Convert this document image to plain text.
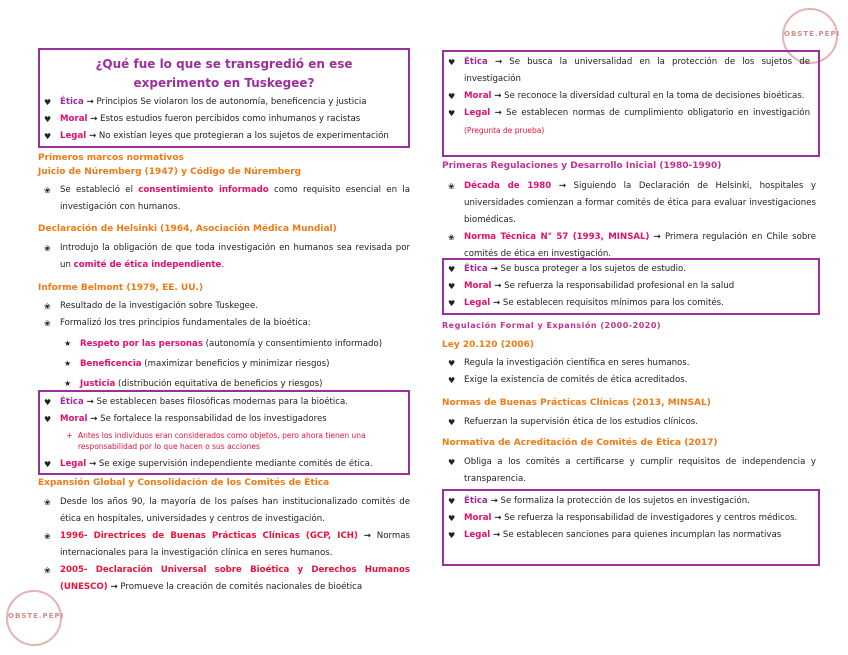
OBSTE.PEPI
OBSTE.PEPI
¿Qué fue lo que se transgredió en ese experimento en Tuskegee?
♥ Ética → Principios Se violaron los de autonomía, beneficencia y justicia
♥ Moral → Estos estudios fueron percibidos como inhumanos y racistas
♥ Legal → No existían leyes que protegieran a los sujetos de experimentación
Primeros marcos normativos
Juicio de Núremberg (1947) y Código de Núremberg
❀ Se estableció el consentimiento informado como requisito esencial en la investigación con humanos.
Declaración de Helsinki (1964, Asociación Médica Mundial)
❀ Introdujo la obligación de que toda investigación en humanos sea revisada por un comité de ética independiente.
Informe Belmont (1979, EE. UU.)
❀ Resultado de la investigación sobre Tuskegee.
❀ Formalizó los tres principios fundamentales de la bioética:
★ Respeto por las personas (autonomía y consentimiento informado)
★ Beneficencia (maximizar beneficios y minimizar riesgos)
★ Justicia (distribución equitativa de beneficios y riesgos)
♥ Ética → Se establecen bases filosóficas modernas para la bioética.
♥ Moral → Se fortalece la responsabilidad de los investigadores
+ Antes los individuos eran considerados como objetos, pero ahora tienen una responsabilidad por lo que hacen o sus acciones
♥ Legal → Se exige supervisión independiente mediante comités de ética.
Expansión Global y Consolidación de los Comités de Ética
❀ Desde los años 90, la mayoría de los países han institucionalizado comités de ética en hospitales, universidades y centros de investigación.
❀ 1996- Directrices de Buenas Prácticas Clínicas (GCP, ICH) → Normas internacionales para la investigación clínica en seres humanos.
❀ 2005- Declaración Universal sobre Bioética y Derechos Humanos (UNESCO) → Promueve la creación de comités nacionales de bioética
♥ Ética → Se busca la universalidad en la protección de los sujetos de investigación
♥ Moral → Se reconoce la diversidad cultural en la toma de decisiones bioéticas.
♥ Legal → Se establecen normas de cumplimiento obligatorio en investigación (Pregunta de prueba)
Primeras Regulaciones y Desarrollo Inicial (1980-1990)
❀ Década de 1980 → Siguiendo la Declaración de Helsinki, hospitales y universidades comienzan a formar comités de ética para evaluar investigaciones biomédicas.
❀ Norma Técnica N° 57 (1993, MINSAL) → Primera regulación en Chile sobre comités de ética en investigación.
♥ Ética → Se busca proteger a los sujetos de estudio.
♥ Moral → Se refuerza la responsabilidad profesional en la salud
♥ Legal → Se establecen requisitos mínimos para los comités.
Regulación Formal y Expansión (2000-2020)
Ley 20.120 (2006)
♥ Regula la investigación científica en seres humanos.
♥ Exige la existencia de comités de ética acreditados.
Normas de Buenas Prácticas Clínicas (2013, MINSAL)
♥ Refuerzan la supervisión ética de los estudios clínicos.
Normativa de Acreditación de Comités de Ética (2017)
♥ Obliga a los comités a certificarse y cumplir requisitos de independencia y transparencia.
♥ Ética → Se formaliza la protección de los sujetos en investigación.
♥ Moral → Se refuerza la responsabilidad de investigadores y centros médicos.
♥ Legal → Se establecen sanciones para quienes incumplan las normativas
